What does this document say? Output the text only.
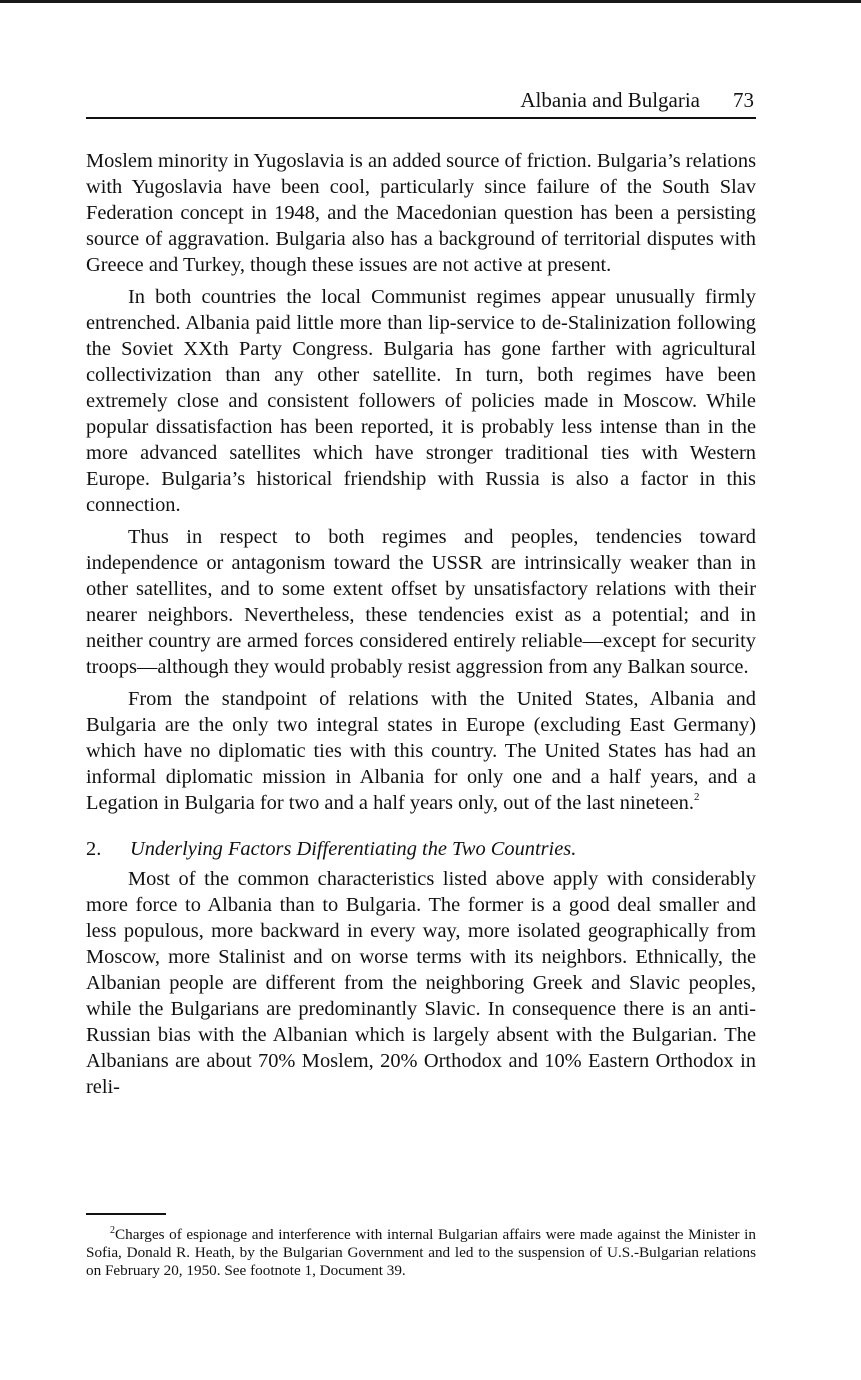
Albania and Bulgaria 73

Moslem minority in Yugoslavia is an added source of friction. Bulgaria’s relations with Yugoslavia have been cool, particularly since failure of the South Slav Federation concept in 1948, and the Macedonian question has been a persisting source of aggravation. Bulgaria also has a background of territorial disputes with Greece and Turkey, though these issues are not active at present.

In both countries the local Communist regimes appear unusually firmly entrenched. Albania paid little more than lip-service to de-Stalinization following the Soviet XXth Party Congress. Bulgaria has gone farther with agricultural collectivization than any other satellite. In turn, both regimes have been extremely close and consistent followers of policies made in Moscow. While popular dissatisfaction has been reported, it is probably less intense than in the more advanced satellites which have stronger traditional ties with Western Europe. Bulgaria’s historical friendship with Russia is also a factor in this connection.

Thus in respect to both regimes and peoples, tendencies toward independence or antagonism toward the USSR are intrinsically weaker than in other satellites, and to some extent offset by unsatisfactory relations with their nearer neighbors. Nevertheless, these tendencies exist as a potential; and in neither country are armed forces considered entirely reliable—except for security troops—although they would probably resist aggression from any Balkan source.

From the standpoint of relations with the United States, Albania and Bulgaria are the only two integral states in Europe (excluding East Germany) which have no diplomatic ties with this country. The United States has had an informal diplomatic mission in Albania for only one and a half years, and a Legation in Bulgaria for two and a half years only, out of the last nineteen.$^2$

2. Underlying Factors Differentiating the Two Countries.

Most of the common characteristics listed above apply with considerably more force to Albania than to Bulgaria. The former is a good deal smaller and less populous, more backward in every way, more isolated geographically from Moscow, more Stalinist and on worse terms with its neighbors. Ethnically, the Albanian people are different from the neighboring Greek and Slavic peoples, while the Bulgarians are predominantly Slavic. In consequence there is an anti-Russian bias with the Albanian which is largely absent with the Bulgarian. The Albanians are about 70% Moslem, 20% Orthodox and 10% Eastern Orthodox in reli-

$^2$Charges of espionage and interference with internal Bulgarian affairs were made against the Minister in Sofia, Donald R. Heath, by the Bulgarian Government and led to the suspension of U.S.-Bulgarian relations on February 20, 1950. See footnote 1, Document 39.
